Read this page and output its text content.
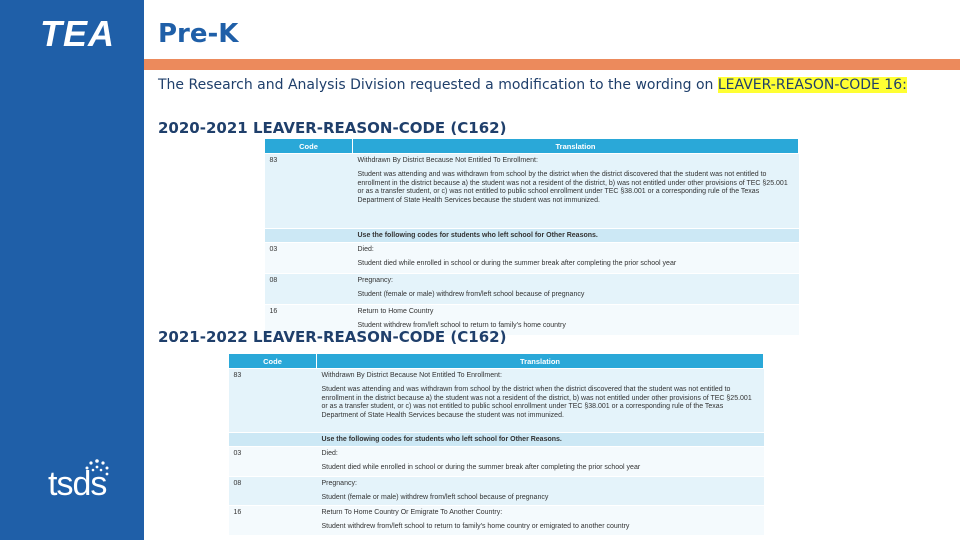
TEA
tsds
Pre-K
The Research and Analysis Division requested a modification to the wording on LEAVER-REASON-CODE 16:
2020-2021 LEAVER-REASON-CODE (C162)
Code	Translation
83	Withdrawn By District Because Not Entitled To Enrollment:
Student was attending and was withdrawn from school by the district when the district discovered that the student was not entitled to enrollment in the district because a) the student was not a resident of the district, b) was not entitled under other provisions of TEC §25.001 or as a transfer student, or c) was not entitled to public school enrollment under TEC §38.001 or a corresponding rule of the Texas Department of State Health Services because the student was not immunized.

	Use the following codes for students who left school for Other Reasons.
03	Died:
Student died while enrolled in school or during the summer break after completing the prior school year

08	Pregnancy:
Student (female or male) withdrew from/left school because of pregnancy

16	Return to Home Country
Student withdrew from/left school to return to family's home country
2021-2022 LEAVER-REASON-CODE (C162)
Code	Translation
83	Withdrawn By District Because Not Entitled To Enrollment:
Student was attending and was withdrawn from school by the district when the district discovered that the student was not entitled to enrollment in the district because a) the student was not a resident of the district, b) was not entitled under other provisions of TEC §25.001 or as a transfer student, or c) was not entitled to public school enrollment under TEC §38.001 or a corresponding rule of the Texas Department of State Health Services because the student was not immunized.

	Use the following codes for students who left school for Other Reasons.
03	Died:
Student died while enrolled in school or during the summer break after completing the prior school year

08	Pregnancy:
Student (female or male) withdrew from/left school because of pregnancy

16	Return To Home Country Or Emigrate To Another Country:
Student withdrew from/left school to return to family's home country or emigrated to another country
